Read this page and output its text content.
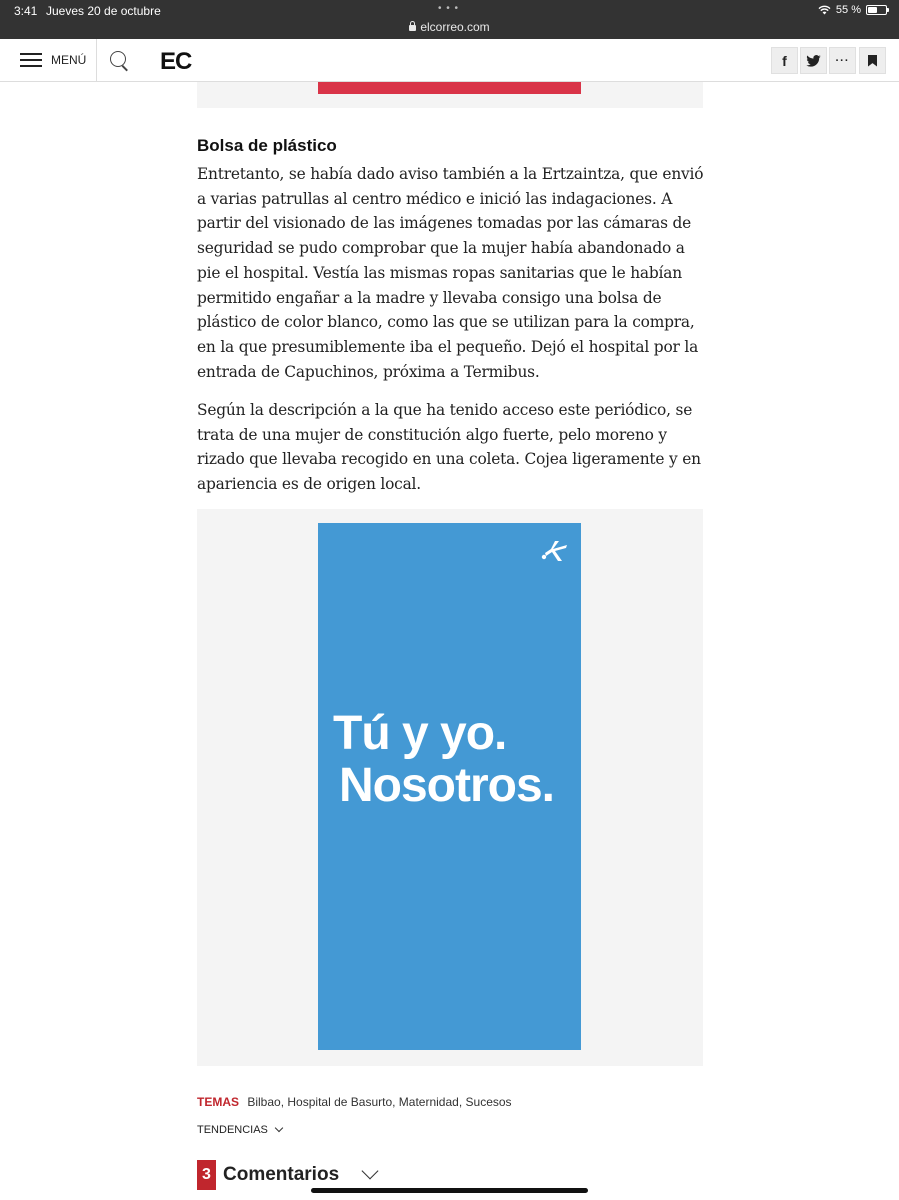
3:41 Jueves 20 de octubre	• • •
elcorreo.com
55 %
MENÚ	EC	f	···
Bolsa de plástico

Entretanto, se había dado aviso también a la Ertzaintza, que envió a varias patrullas al centro médico e inició las indagaciones. A partir del visionado de las imágenes tomadas por las cámaras de seguridad se pudo comprobar que la mujer había abandonado a pie el hospital. Vestía las mismas ropas sanitarias que le habían permitido engañar a la madre y llevaba consigo una bolsa de plástico de color blanco, como las que se utilizan para la compra, en la que presumiblemente iba el pequeño. Dejó el hospital por la entrada de Capuchinos, próxima a Termibus.

Según la descripción a la que ha tenido acceso este periódico, se trata de una mujer de constitución algo fuerte, pelo moreno y rizado que llevaba recogido en una coleta. Cojea ligeramente y en apariencia es de origen local.

Tú y yo.
Nosotros.
TEMAS Bilbao, Hospital de Basurto, Maternidad, Sucesos
TENDENCIAS
3 Comentarios
